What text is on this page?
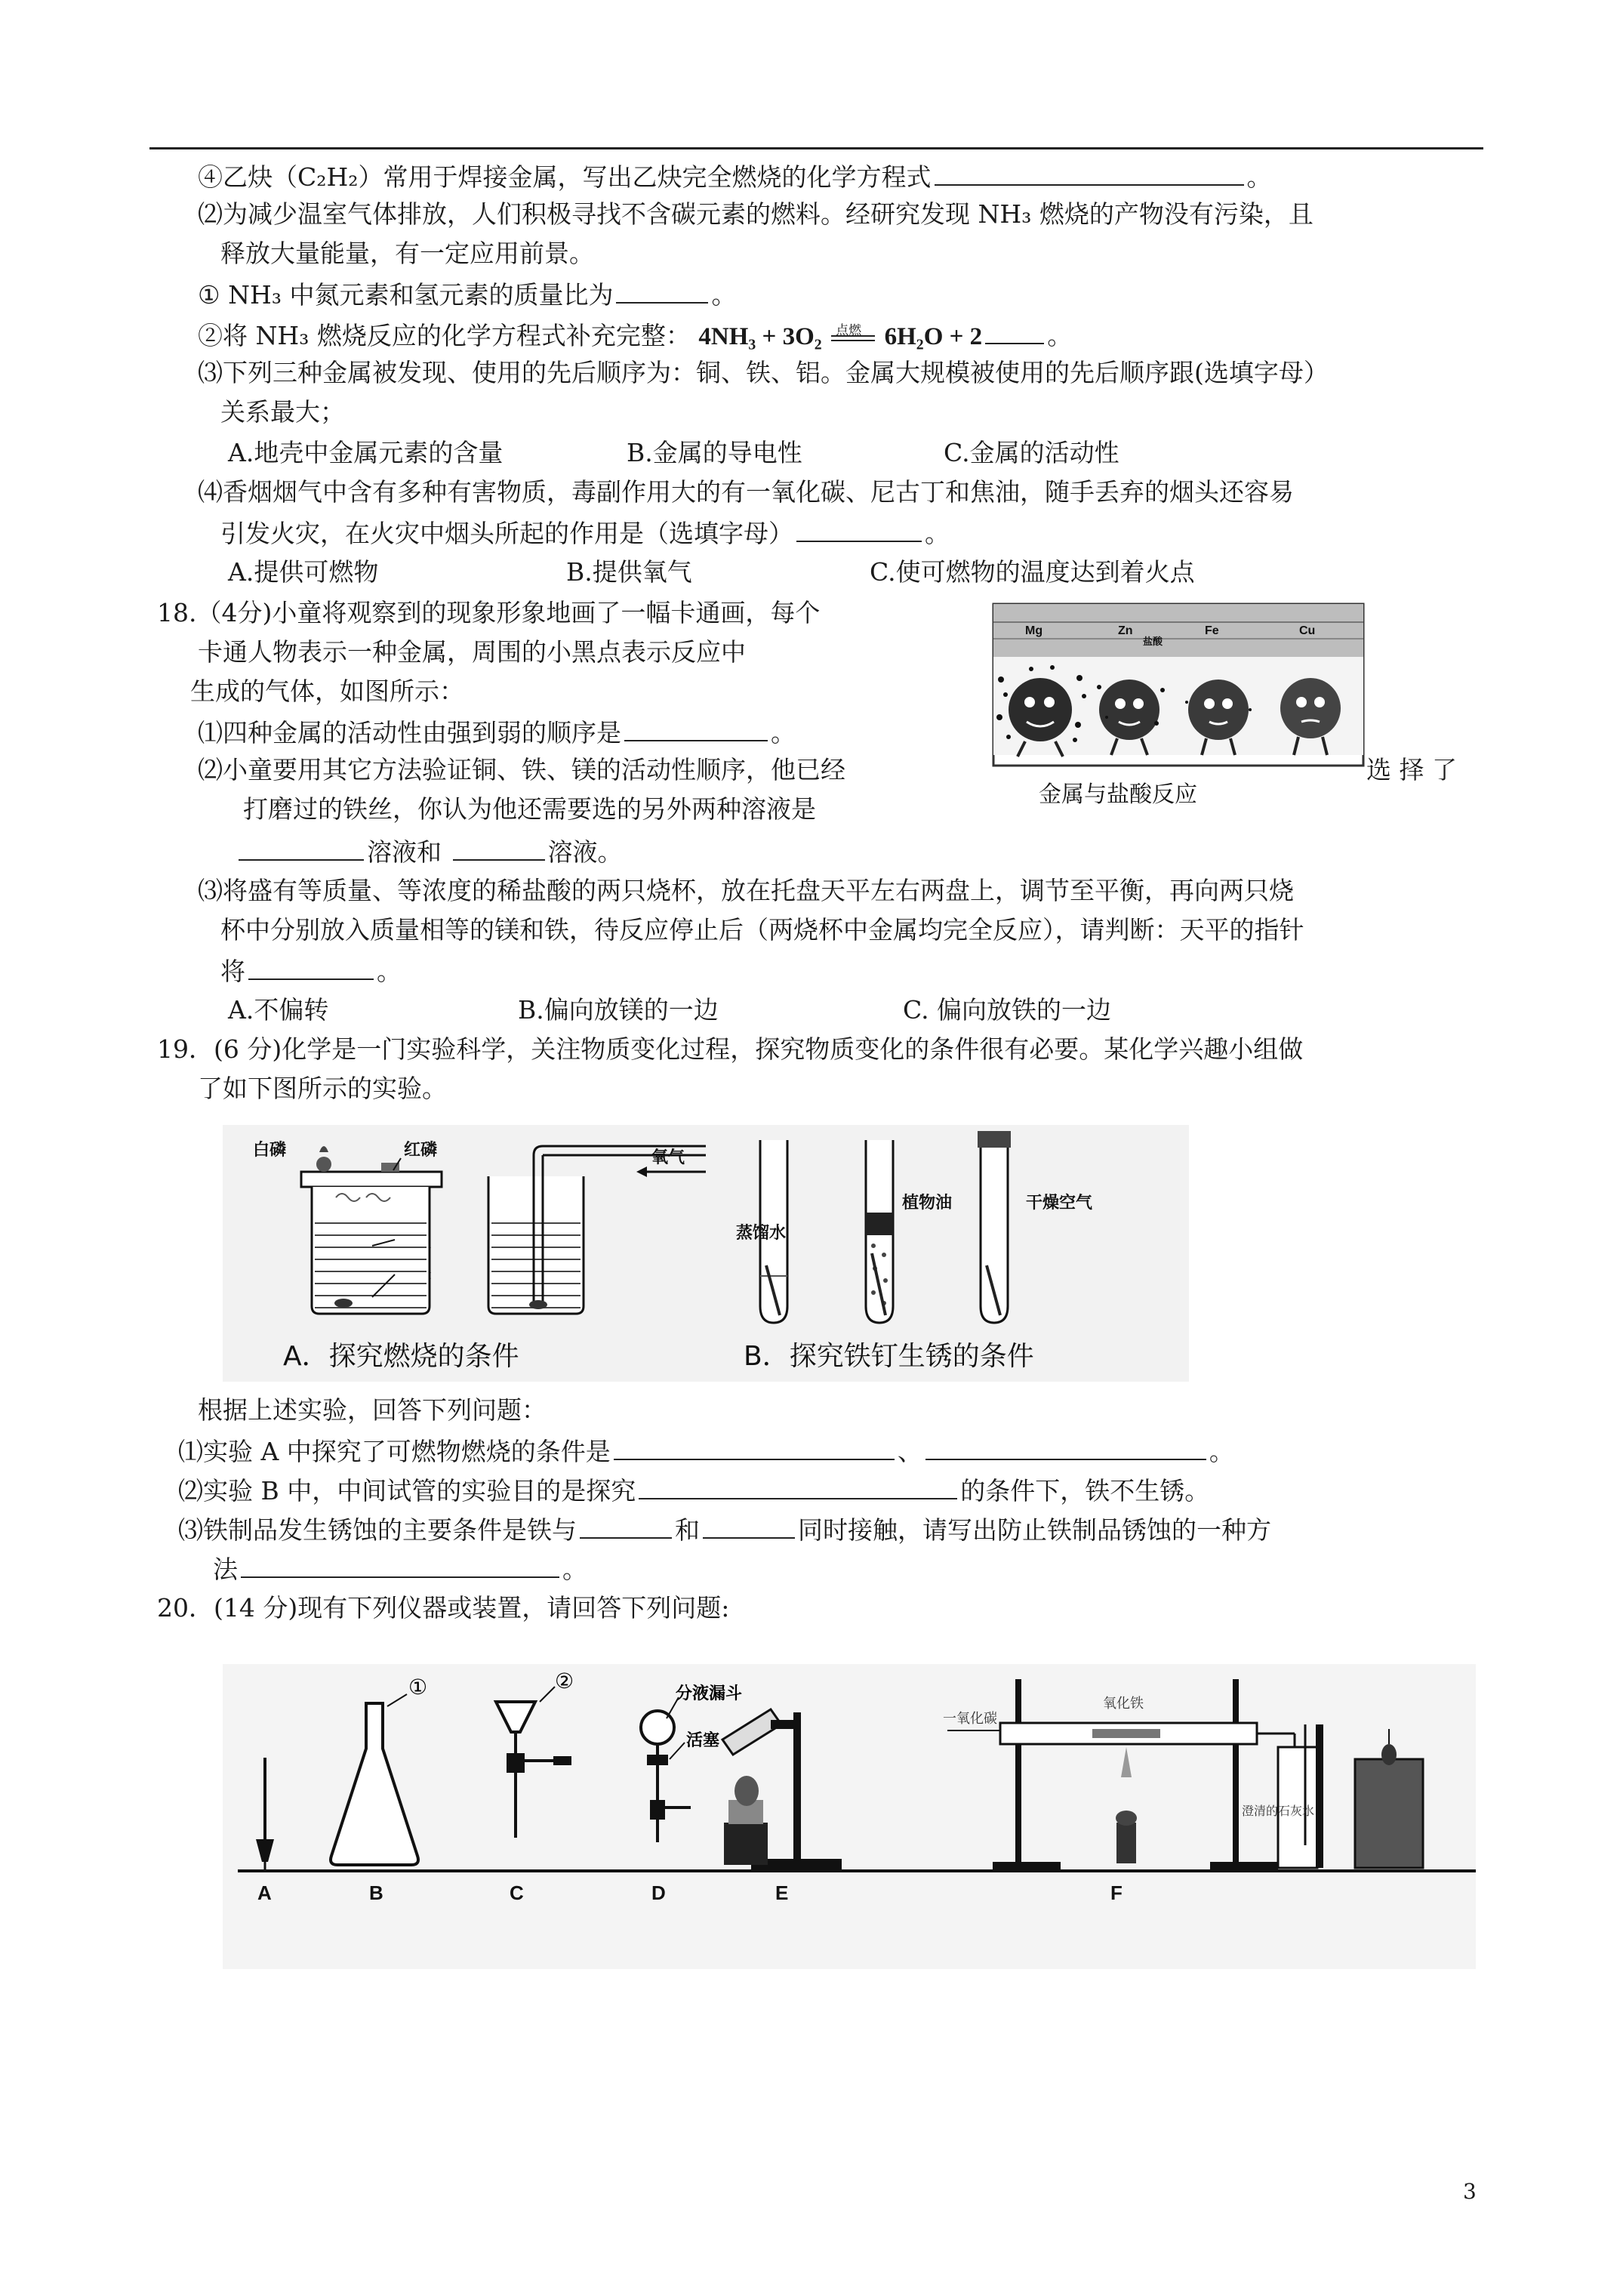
④乙炔（C₂H₂）常用于焊接金属，写出乙炔完全燃烧的化学方程式	。
⑵为减少温室气体排放，人们积极寻找不含碳元素的燃料。经研究发现 NH₃ 燃烧的产物没有污染，且
释放大量能量，有一定应用前景。
① NH₃ 中氮元素和氢元素的质量比为	。
②将 NH₃ 燃烧反应的化学方程式补充完整： 4NH₃ + 3O₂ 点燃 6H₂O + 2	。
⑶下列三种金属被发现、使用的先后顺序为：铜、铁、铝。金属大规模被使用的先后顺序跟(选填字母）
关系最大；
A.地壳中金属元素的含量	B.金属的导电性	C.金属的活动性
⑷香烟烟气中含有多种有害物质，毒副作用大的有一氧化碳、尼古丁和焦油，随手丢弃的烟头还容易
引发火灾，在火灾中烟头所起的作用是（选填字母）	。
A.提供可燃物	B.提供氧气	C.使可燃物的温度达到着火点
18.（4分)小童将观察到的现象形象地画了一幅卡通画，每个
卡通人物表示一种金属，周围的小黑点表示反应中
生成的气体，如图所示：
⑴四种金属的活动性由强到弱的顺序是	。
⑵小童要用其它方法验证铜、铁、镁的活动性顺序，他已经	选 择 了
打磨过的铁丝，你认为他还需要选的另外两种溶液是
溶液和	溶液。
⑶将盛有等质量、等浓度的稀盐酸的两只烧杯，放在托盘天平左右两盘上，调节至平衡，再向两只烧
杯中分别放入质量相等的镁和铁，待反应停止后（两烧杯中金属均完全反应），请判断：天平的指针
将	。
A.不偏转	B.偏向放镁的一边	C. 偏向放铁的一边
Mg	Zn	Fe	Cu
盐酸
金属与盐酸反应
19．(6 分)化学是一门实验科学，关注物质变化过程，探究物质变化的条件很有必要。某化学兴趣小组做
了如下图所示的实验。
白磷	红磷	氧气
A．探究燃烧的条件
蒸馏水
植物油	干燥空气
B．探究铁钉生锈的条件
根据上述实验，回答下列问题：
⑴实验 A 中探究了可燃物燃烧的条件是	、	。
⑵实验 B 中，中间试管的实验目的是探究	的条件下，铁不生锈。
⑶铁制品发生锈蚀的主要条件是铁与	和	同时接触，请写出防止铁制品锈蚀的一种方
法	。
20．(14 分)现有下列仪器或装置，请回答下列问题:
①	②
分液漏斗
活塞
一氧化碳
氧化铁
澄清的石灰水
A	B	C	D	E	F
3
